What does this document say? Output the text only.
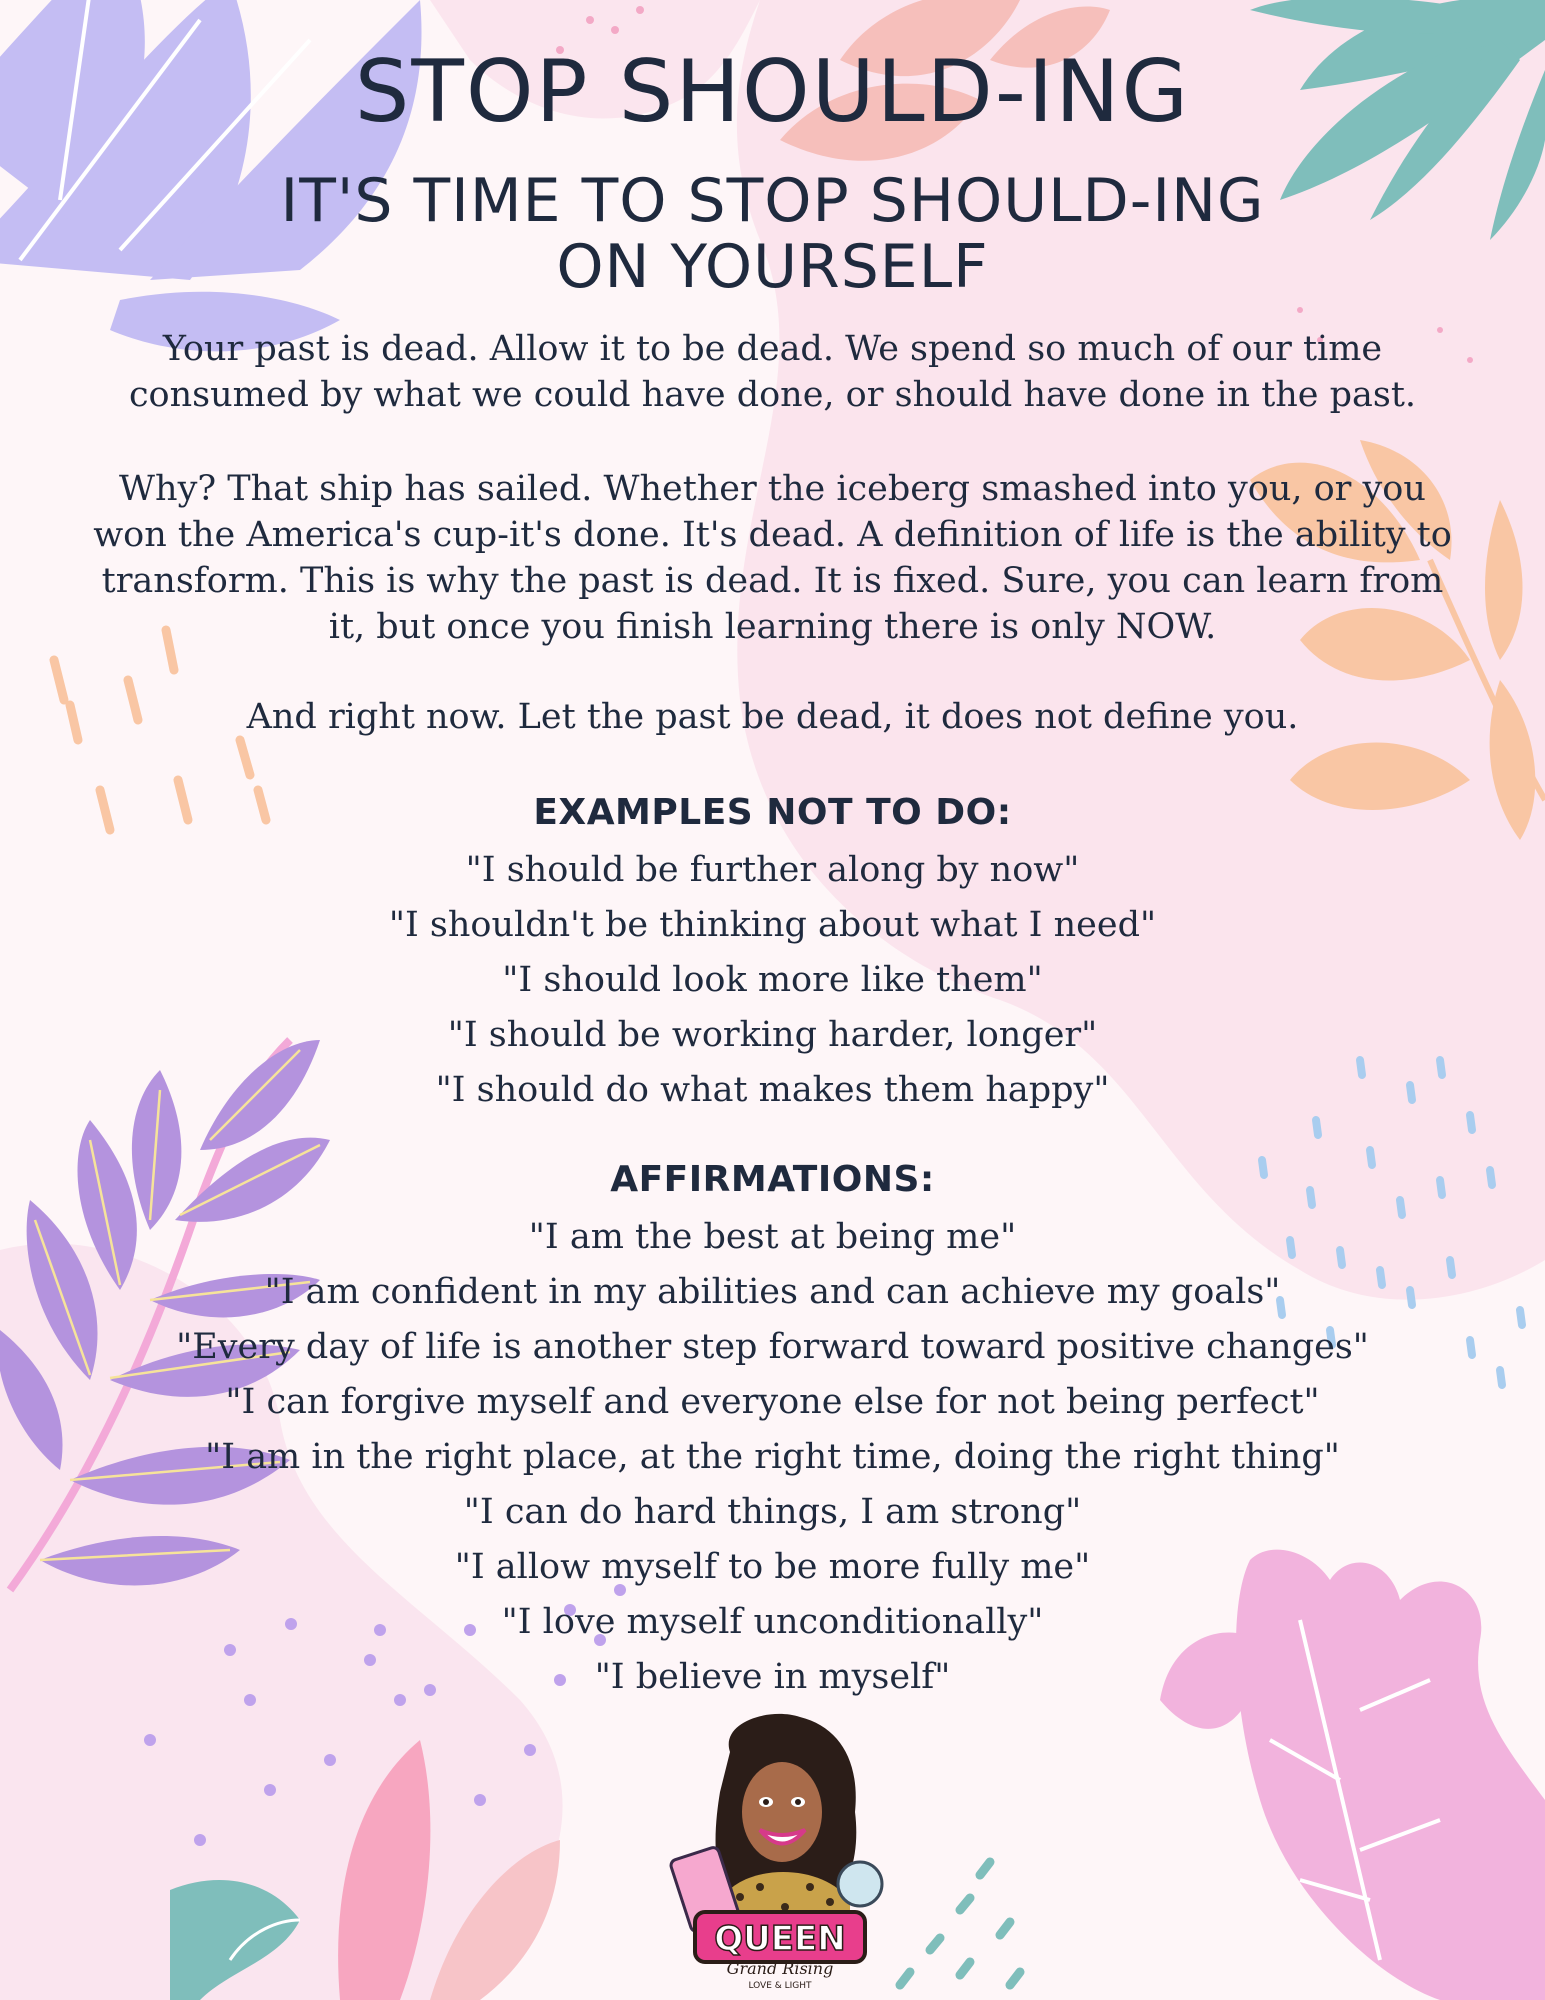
STOP SHOULD-ING
IT'S TIME TO STOP SHOULD-ING
ON YOURSELF

Your past is dead. Allow it to be dead. We spend so much of our time consumed by what we could have done, or should have done in the past.

Why? That ship has sailed. Whether the iceberg smashed into you, or you won the America's cup-it's done. It's dead. A definition of life is the ability to transform. This is why the past is dead. It is fixed. Sure, you can learn from it, but once you finish learning there is only NOW.

And right now. Let the past be dead, it does not define you.

EXAMPLES NOT TO DO:
"I should be further along by now"
"I shouldn't be thinking about what I need"
"I should look more like them"
"I should be working harder, longer"
"I should do what makes them happy"
AFFIRMATIONS:
"I am the best at being me"
"I am confident in my abilities and can achieve my goals"
"Every day of life is another step forward toward positive changes"
"I can forgive myself and everyone else for not being perfect"
"I am in the right place, at the right time, doing the right thing"
"I can do hard things, I am strong"
"I allow myself to be more fully me"
"I love myself unconditionally"
"I believe in myself"
QUEEN
Grand Rising
LOVE & LIGHT
